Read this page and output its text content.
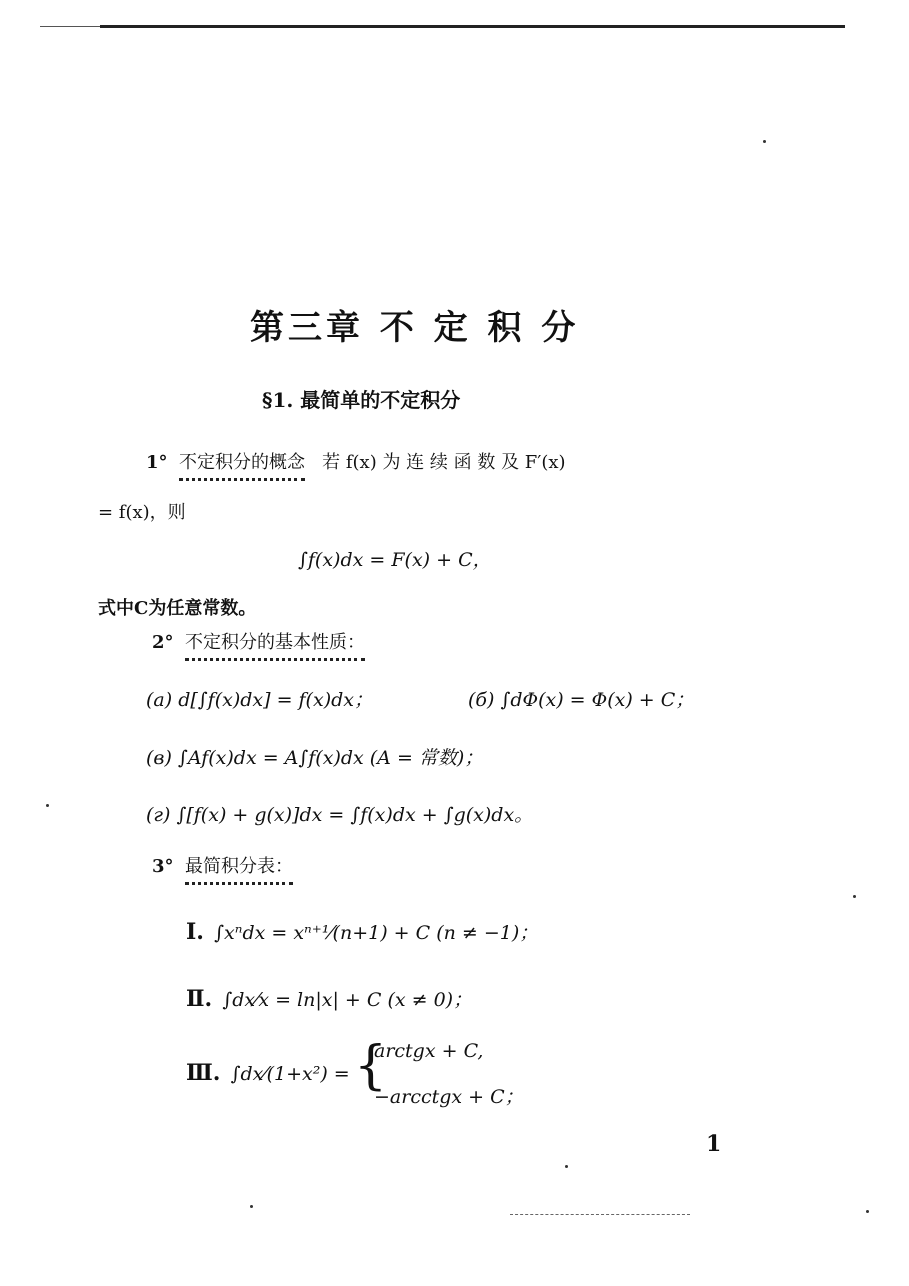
第三章 不 定 积 分
§1. 最简单的不定积分
1° 不定积分的概念 若 f(x) 为 连 续 函 数 及 F′(x)
= f(x)，则
∫f(x)dx = F(x) + C，
式中C为任意常数。
2° 不定积分的基本性质：
(a) d[∫f(x)dx] = f(x)dx；	(б) ∫dΦ(x) = Φ(x) + C；
(в) ∫Af(x)dx = A∫f(x)dx (A = 常数)；
(г) ∫[f(x) + g(x)]dx = ∫f(x)dx + ∫g(x)dx。
3° 最简积分表：
Ⅰ. ∫xⁿdx = xⁿ⁺¹⁄(n+1) + C (n ≠ −1)；
Ⅱ. ∫dx⁄x = ln|x| + C (x ≠ 0)；
Ⅲ. ∫dx⁄(1+x²) = {
arctgx + C,
−arcctgx + C；
1
